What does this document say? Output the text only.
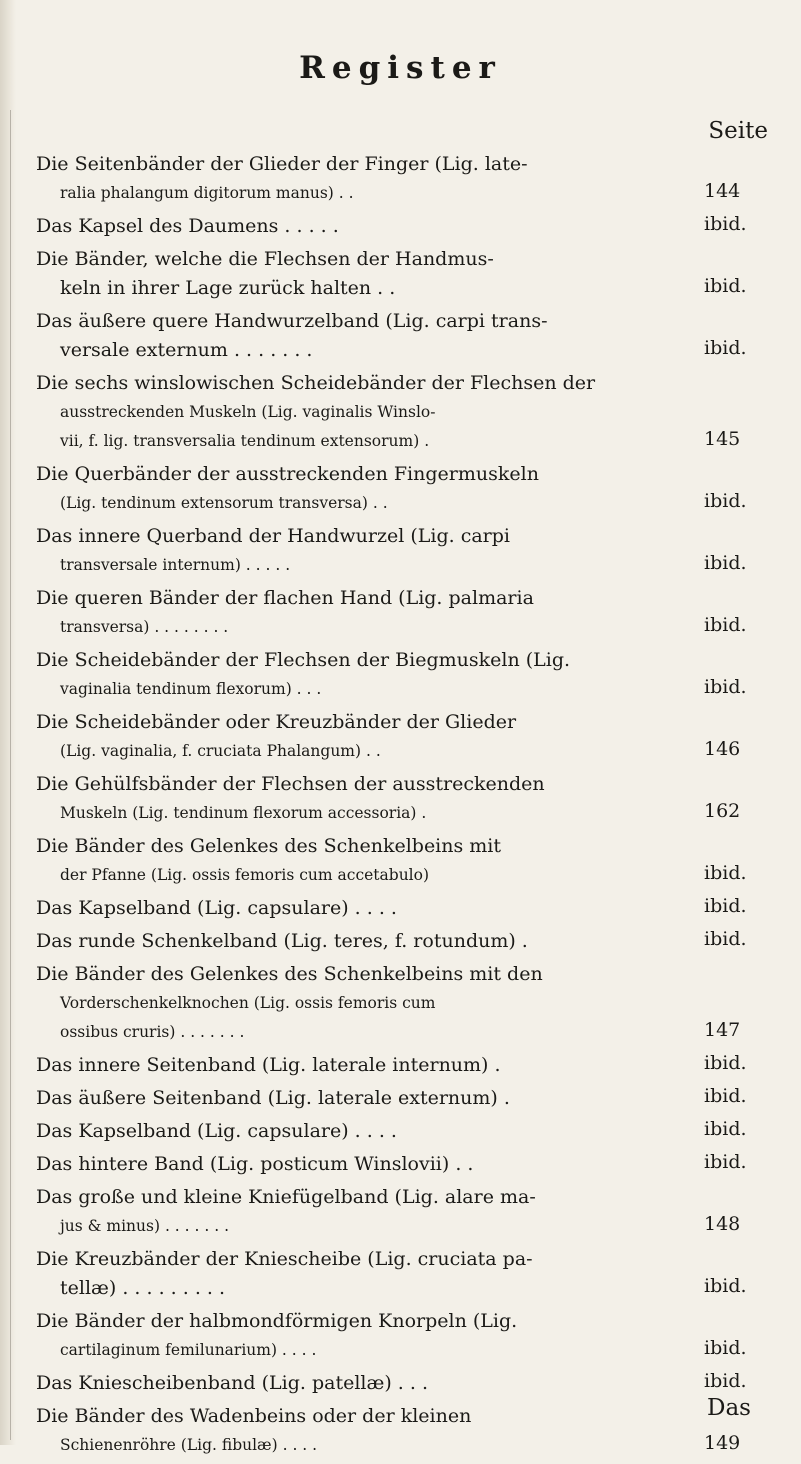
Register
Seite
Die Seitenbänder der Glieder der Finger (Lig. late-
ralia phalangum digitorum manus) . .	144
Das Kapsel des Daumens . . . . .	ibid.
Die Bänder, welche die Flechsen der Handmus-
keln in ihrer Lage zurück halten . .	ibid.
Das äußere quere Handwurzelband (Lig. carpi trans-
versale externum . . . . . . .	ibid.
Die sechs winslowischen Scheidebänder der Flechsen der
ausstreckenden Muskeln (Lig. vaginalis Winslo-
vii, f. lig. transversalia tendinum extensorum) .	145
Die Querbänder der ausstreckenden Fingermuskeln
(Lig. tendinum extensorum transversa) . .	ibid.
Das innere Querband der Handwurzel (Lig. carpi
transversale internum) . . . . .	ibid.
Die queren Bänder der flachen Hand (Lig. palmaria
transversa) . . . . . . . .	ibid.
Die Scheidebänder der Flechsen der Biegmuskeln (Lig.
vaginalia tendinum flexorum) . . .	ibid.
Die Scheidebänder oder Kreuzbänder der Glieder
(Lig. vaginalia, f. cruciata Phalangum) . .	146
Die Gehülfsbänder der Flechsen der ausstreckenden
Muskeln (Lig. tendinum flexorum accessoria) .	162
Die Bänder des Gelenkes des Schenkelbeins mit
der Pfanne (Lig. ossis femoris cum accetabulo)	ibid.
Das Kapselband (Lig. capsulare) . . . .	ibid.
Das runde Schenkelband (Lig. teres, f. rotundum) .	ibid.
Die Bänder des Gelenkes des Schenkelbeins mit den
Vorderschenkelknochen (Lig. ossis femoris cum
ossibus cruris) . . . . . . .	147
Das innere Seitenband (Lig. laterale internum) .	ibid.
Das äußere Seitenband (Lig. laterale externum) .	ibid.
Das Kapselband (Lig. capsulare) . . . .	ibid.
Das hintere Band (Lig. posticum Winslovii) . .	ibid.
Das große und kleine Kniefügelband (Lig. alare ma-
jus & minus) . . . . . . .	148
Die Kreuzbänder der Kniescheibe (Lig. cruciata pa-
tellæ) . . . . . . . . .	ibid.
Die Bänder der halbmondförmigen Knorpeln (Lig.
cartilaginum femilunarium) . . . .	ibid.
Das Kniescheibenband (Lig. patellæ) . . .	ibid.
Die Bänder des Wadenbeins oder der kleinen
Schienenröhre (Lig. fibulæ) . . . .	149
Das
